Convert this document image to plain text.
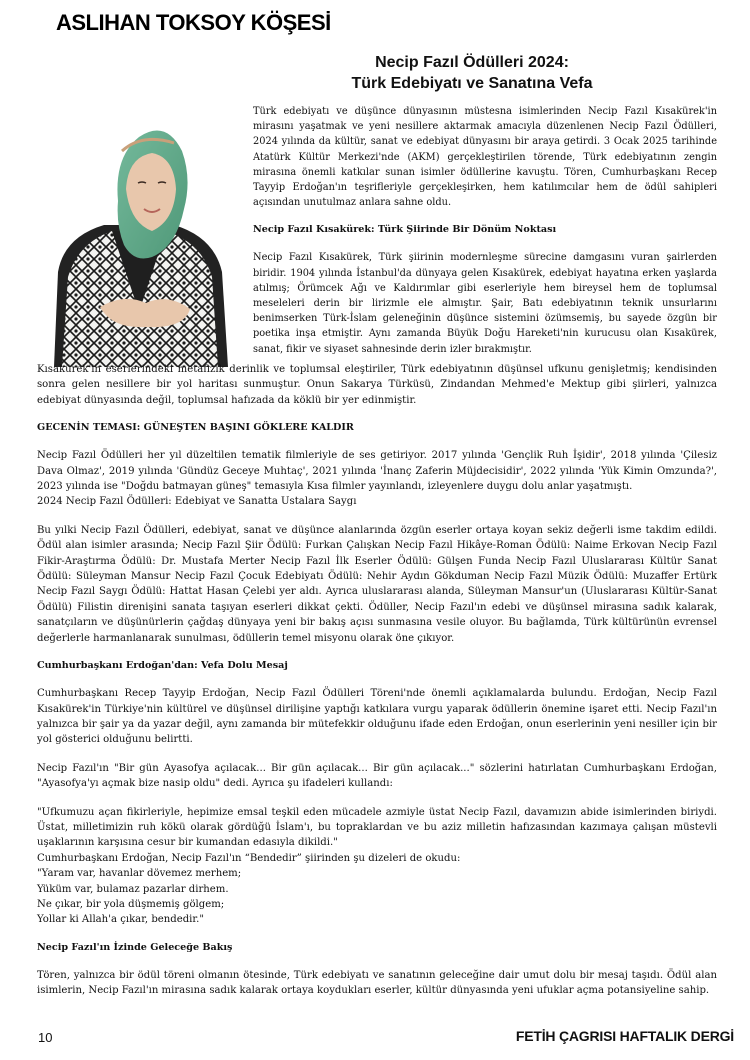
ASLIHAN TOKSOY KÖŞESİ
Necip Fazıl Ödülleri 2024:
Türk Edebiyatı ve Sanatına Vefa

Türk edebiyatı ve düşünce dünyasının müstesna isimlerinden Necip Fazıl Kısakürek'in mirasını yaşatmak ve yeni nesillere aktarmak amacıyla düzenlenen Necip Fazıl Ödülleri, 2024 yılında da kültür, sanat ve edebiyat dünyasını bir araya getirdi. 3 Ocak 2025 tarihinde Atatürk Kültür Merkezi'nde (AKM) gerçekleştirilen törende, Türk edebiyatının zengin mirasına önemli katkılar sunan isimler ödüllerine kavuştu. Tören, Cumhurbaşkanı Recep Tayyip Erdoğan'ın teşrifleriyle gerçekleşirken, hem katılımcılar hem de ödül sahipleri açısından unutulmaz anlara sahne oldu.

Necip Fazıl Kısakürek: Türk Şiirinde Bir Dönüm Noktası

Necip Fazıl Kısakürek, Türk şiirinin modernleşme sürecine damgasını vuran şairlerden biridir. 1904 yılında İstanbul'da dünyaya gelen Kısakürek, edebiyat hayatına erken yaşlarda atılmış; Örümcek Ağı ve Kaldırımlar gibi eserleriyle hem bireysel hem de toplumsal meseleleri derin bir lirizmle ele almıştır. Şair, Batı edebiyatının teknik unsurlarını benimserken Türk-İslam geleneğinin düşünce sistemini özümsemiş, bu sayede özgün bir poetika inşa etmiştir. Aynı zamanda Büyük Doğu Hareketi'nin kurucusu olan Kısakürek, sanat, fikir ve siyaset sahnesinde derin izler bırakmıştır.

Kısakürek'in eserlerindeki metafizik derinlik ve toplumsal eleştiriler, Türk edebiyatının düşünsel ufkunu genişletmiş; kendisinden sonra gelen nesillere bir yol haritası sunmuştur. Onun Sakarya Türküsü, Zindandan Mehmed'e Mektup gibi şiirleri, yalnızca edebiyat dünyasında değil, toplumsal hafızada da köklü bir yer edinmiştir.

GECENİN TEMASI: GÜNEŞTEN BAŞINI GÖKLERE KALDIR

Necip Fazıl Ödülleri her yıl düzeltilen tematik filmleriyle de ses getiriyor. 2017 yılında 'Gençlik Ruh İşidir', 2018 yılında 'Çilesiz Dava Olmaz', 2019 yılında 'Gündüz Geceye Muhtaç', 2021 yılında 'İnanç Zaferin Müjdecisidir', 2022 yılında 'Yük Kimin Omzunda?', 2023 yılında ise "Doğdu batmayan güneş" temasıyla Kısa filmler yayınlandı, izleyenlere duygu dolu anlar yaşatmıştı.

2024 Necip Fazıl Ödülleri: Edebiyat ve Sanatta Ustalara Saygı

Bu yılki Necip Fazıl Ödülleri, edebiyat, sanat ve düşünce alanlarında özgün eserler ortaya koyan sekiz değerli isme takdim edildi. Ödül alan isimler arasında; Necip Fazıl Şiir Ödülü: Furkan Çalışkan Necip Fazıl Hikâye-Roman Ödülü: Naime Erkovan Necip Fazıl Fikir-Araştırma Ödülü: Dr. Mustafa Merter Necip Fazıl İlk Eserler Ödülü: Gülşen Funda Necip Fazıl Uluslararası Kültür Sanat Ödülü: Süleyman Mansur Necip Fazıl Çocuk Edebiyatı Ödülü: Nehir Aydın Gökduman Necip Fazıl Müzik Ödülü: Muzaffer Ertürk Necip Fazıl Saygı Ödülü: Hattat Hasan Çelebi yer aldı. Ayrıca uluslararası alanda, Süleyman Mansur'un (Uluslararası Kültür-Sanat Ödülü) Filistin direnişini sanata taşıyan eserleri dikkat çekti. Ödüller, Necip Fazıl'ın edebi ve düşünsel mirasına sadık kalarak, sanatçıların ve düşünürlerin çağdaş dünyaya yeni bir bakış açısı sunmasına vesile oluyor. Bu bağlamda, Türk kültürünün evrensel değerlerle harmanlanarak sunulması, ödüllerin temel misyonu olarak öne çıkıyor.

Cumhurbaşkanı Erdoğan'dan: Vefa Dolu Mesaj

Cumhurbaşkanı Recep Tayyip Erdoğan, Necip Fazıl Ödülleri Töreni'nde önemli açıklamalarda bulundu. Erdoğan, Necip Fazıl Kısakürek'in Türkiye'nin kültürel ve düşünsel dirilişine yaptığı katkılara vurgu yaparak ödüllerin önemine işaret etti. Necip Fazıl'ın yalnızca bir şair ya da yazar değil, aynı zamanda bir mütefekkir olduğunu ifade eden Erdoğan, onun eserlerinin yeni nesiller için bir yol gösterici olduğunu belirtti.

Necip Fazıl'ın "Bir gün Ayasofya açılacak... Bir gün açılacak... Bir gün açılacak..." sözlerini hatırlatan Cumhurbaşkanı Erdoğan, "Ayasofya'yı açmak bize nasip oldu" dedi. Ayrıca şu ifadeleri kullandı:

"Ufkumuzu açan fikirleriyle, hepimize emsal teşkil eden mücadele azmiyle üstat Necip Fazıl, davamızın abide isimlerinden biriydi. Üstat, milletimizin ruh kökü olarak gördüğü İslam'ı, bu topraklardan ve bu aziz milletin hafızasından kazımaya çalışan müstevli uşaklarının karşısına cesur bir kumandan edasıyla dikildi."

Cumhurbaşkanı Erdoğan, Necip Fazıl'ın “Bendedir” şiirinden şu dizeleri de okudu:

"Yaram var, havanlar dövemez merhem;
Yüküm var, bulamaz pazarlar dirhem.
Ne çıkar, bir yola düşmemiş gölgem;
Yollar ki Allah'a çıkar, bendedir."

Necip Fazıl'ın İzinde Geleceğe Bakış

Tören, yalnızca bir ödül töreni olmanın ötesinde, Türk edebiyatı ve sanatının geleceğine dair umut dolu bir mesaj taşıdı. Ödül alan isimlerin, Necip Fazıl'ın mirasına sadık kalarak ortaya koydukları eserler, kültür dünyasında yeni ufuklar açma potansiyeline sahip.

10	FETİH ÇAGRISI HAFTALIK DERGİ
